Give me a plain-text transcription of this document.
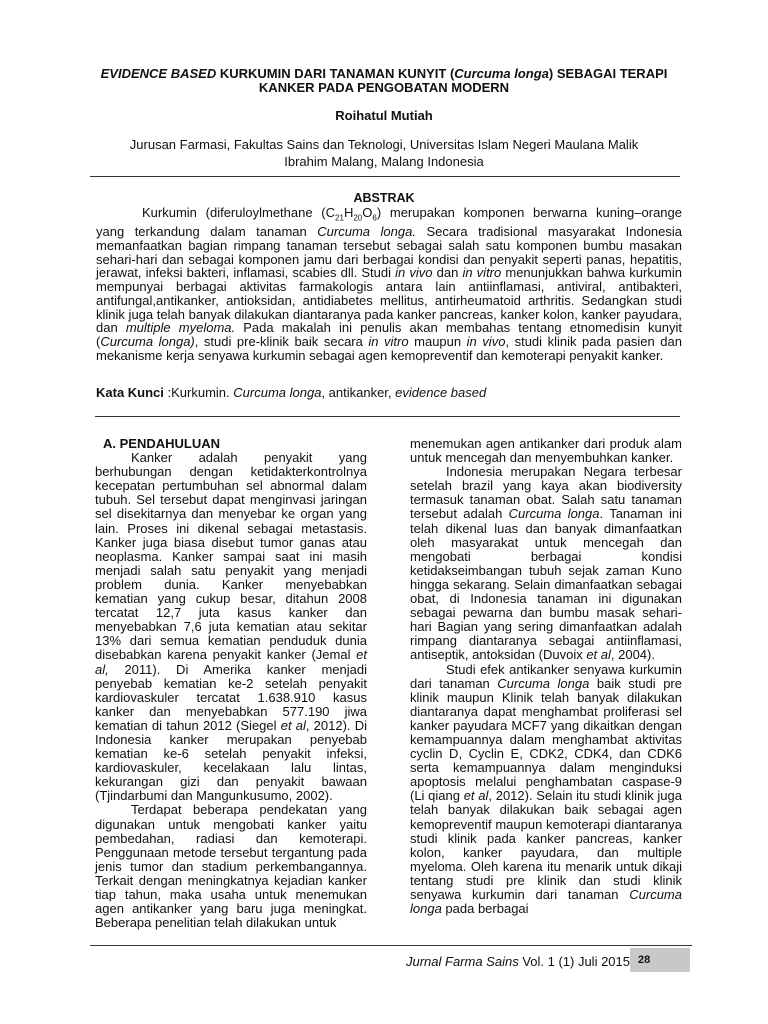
EVIDENCE BASED KURKUMIN DARI TANAMAN KUNYIT (Curcuma longa) SEBAGAI TERAPI KANKER PADA PENGOBATAN MODERN
Roihatul Mutiah
Jurusan Farmasi, Fakultas Sains dan Teknologi, Universitas Islam Negeri Maulana Malik
Ibrahim Malang, Malang Indonesia
ABSTRAK

Kurkumin (diferuloylmethane $(C_{21}H_{20}O_6)$ merupakan komponen berwarna kuning–orange yang terkandung dalam tanaman Curcuma longa. Secara tradisional masyarakat Indonesia memanfaatkan bagian rimpang tanaman tersebut sebagai salah satu komponen bumbu masakan sehari-hari dan sebagai komponen jamu dari berbagai kondisi dan penyakit seperti panas, hepatitis, jerawat, infeksi bakteri, inflamasi, scabies dll. Studi in vivo dan in vitro menunjukkan bahwa kurkumin mempunyai berbagai aktivitas farmakologis antara lain antiinflamasi, antiviral, antibakteri, antifungal,antikanker, antioksidan, antidiabetes mellitus, antirheumatoid arthritis. Sedangkan studi klinik juga telah banyak dilakukan diantaranya pada kanker pancreas, kanker kolon, kanker payudara, dan multiple myeloma. Pada makalah ini penulis akan membahas tentang etnomedisin kunyit (Curcuma longa), studi pre-klinik baik secara in vitro maupun in vivo, studi klinik pada pasien dan mekanisme kerja senyawa kurkumin sebagai agen kemopreventif dan kemoterapi penyakit kanker.

Kata Kunci :Kurkumin. Curcuma longa, antikanker, evidence based
A. PENDAHULUAN

Kanker adalah penyakit yang berhubungan dengan ketidakterkontrolnya kecepatan pertumbuhan sel abnormal dalam tubuh. Sel tersebut dapat menginvasi jaringan sel disekitarnya dan menyebar ke organ yang lain. Proses ini dikenal sebagai metastasis. Kanker juga biasa disebut tumor ganas atau neoplasma. Kanker sampai saat ini masih menjadi salah satu penyakit yang menjadi problem dunia. Kanker menyebabkan kematian yang cukup besar, ditahun 2008 tercatat 12,7 juta kasus kanker dan menyebabkan 7,6 juta kematian atau sekitar 13% dari semua kematian penduduk dunia disebabkan karena penyakit kanker (Jemal et al, 2011). Di Amerika kanker menjadi penyebab kematian ke-2 setelah penyakit kardiovaskuler tercatat 1.638.910 kasus kanker dan menyebabkan 577.190 jiwa kematian di tahun 2012 (Siegel et al, 2012). Di Indonesia kanker merupakan penyebab kematian ke-6 setelah penyakit infeksi, kardiovaskuler, kecelakaan lalu lintas, kekurangan gizi dan penyakit bawaan (Tjindarbumi dan Mangunkusumo, 2002).

Terdapat beberapa pendekatan yang digunakan untuk mengobati kanker yaitu pembedahan, radiasi dan kemoterapi. Penggunaan metode tersebut tergantung pada jenis tumor dan stadium perkembangannya. Terkait dengan meningkatnya kejadian kanker tiap tahun, maka usaha untuk menemukan agen antikanker yang baru juga meningkat. Beberapa penelitian telah dilakukan untuk

menemukan agen antikanker dari produk alam untuk mencegah dan menyembuhkan kanker.

Indonesia merupakan Negara terbesar setelah brazil yang kaya akan biodiversity termasuk tanaman obat. Salah satu tanaman tersebut adalah Curcuma longa. Tanaman ini telah dikenal luas dan banyak dimanfaatkan oleh masyarakat untuk mencegah dan mengobati berbagai kondisi ketidakseimbangan tubuh sejak zaman Kuno hingga sekarang. Selain dimanfaatkan sebagai obat, di Indonesia tanaman ini digunakan sebagai pewarna dan bumbu masak sehari-hari Bagian yang sering dimanfaatkan adalah rimpang diantaranya sebagai antiinflamasi, antiseptik, antoksidan (Duvoix et al, 2004).

Studi efek antikanker senyawa kurkumin dari tanaman Curcuma longa baik studi pre klinik maupun Klinik telah banyak dilakukan diantaranya dapat menghambat proliferasi sel kanker payudara MCF7 yang dikaitkan dengan kemampuannya dalam menghambat aktivitas cyclin D, Cyclin E, CDK2, CDK4, dan CDK6 serta kemampuannya dalam menginduksi apoptosis melalui penghambatan caspase-9 (Li qiang et al, 2012). Selain itu studi klinik juga telah banyak dilakukan baik sebagai agen kemopreventif maupun kemoterapi diantaranya studi klinik pada kanker pancreas, kanker kolon, kanker payudara, dan multiple myeloma. Oleh karena itu menarik untuk dikaji tentang studi pre klinik dan studi klinik senyawa kurkumin dari tanaman Curcuma longa pada berbagai

Jurnal Farma Sains Vol. 1 (1) Juli 2015 28
